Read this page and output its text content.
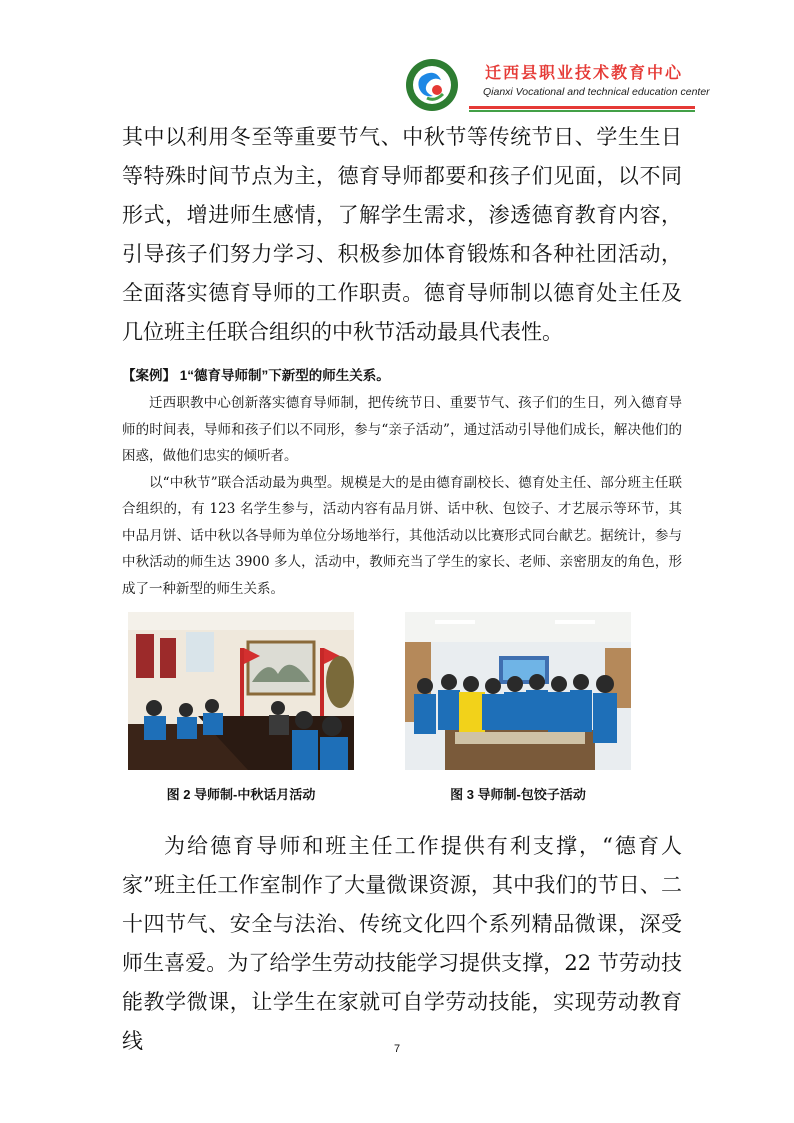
迁西县职业技术教育中心
Qianxi Vocational and technical education center

其中以利用冬至等重要节气、中秋节等传统节日、学生生日等特殊时间节点为主，德育导师都要和孩子们见面，以不同形式，增进师生感情，了解学生需求，渗透德育教育内容，引导孩子们努力学习、积极参加体育锻炼和各种社团活动，全面落实德育导师的工作职责。德育导师制以德育处主任及几位班主任联合组织的中秋节活动最具代表性。

【案例】 1“德育导师制”下新型的师生关系。

迁西职教中心创新落实德育导师制，把传统节日、重要节气、孩子们的生日，列入德育导师的时间表，导师和孩子们以不同形，参与“亲子活动”，通过活动引导他们成长，解决他们的困惑，做他们忠实的倾听者。

以“中秋节”联合活动最为典型。规模是大的是由德育副校长、德育处主任、部分班主任联合组织的，有 123 名学生参与，活动内容有品月饼、话中秋、包饺子、才艺展示等环节，其中品月饼、话中秋以各导师为单位分场地举行，其他活动以比赛形式同台献艺。据统计，参与中秋活动的师生达 3900 多人，活动中，教师充当了学生的家长、老师、亲密朋友的角色，形成了一种新型的师生关系。

图 2 导师制-中秋话月活动	图 3 导师制-包饺子活动

为给德育导师和班主任工作提供有利支撑，“德育人家”班主任工作室制作了大量微课资源，其中我们的节日、二十四节气、安全与法治、传统文化四个系列精品微课，深受师生喜爱。为了给学生劳动技能学习提供支撑，22 节劳动技能教学微课，让学生在家就可自学劳动技能，实现劳动教育线	7
